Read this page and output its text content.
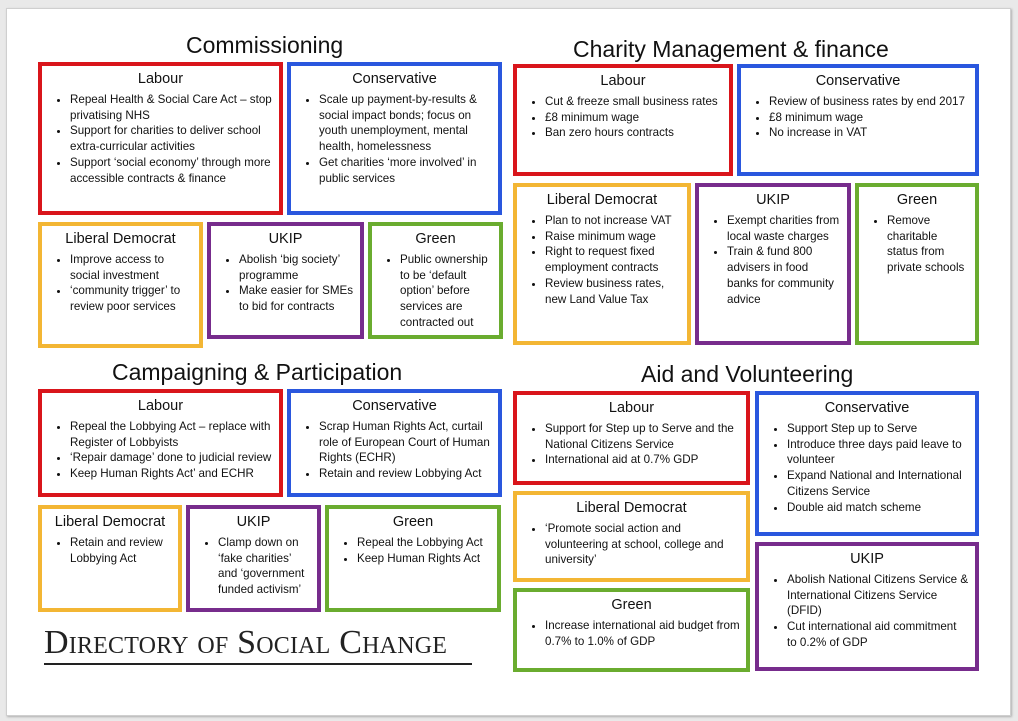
Commissioning	Charity Management & finance
Campaigning & Participation	Aid and Volunteering
Labour
• Repeal Health & Social Care Act – stop privatising NHS
• Support for charities to deliver school extra-curricular activities
• Support ‘social economy’ through more accessible contracts & finance
Conservative
• Scale up payment-by-results & social impact bonds; focus on youth unemployment, mental health, homelessness
• Get charities ‘more involved’ in public services
Liberal Democrat
• Improve access to social investment
• ‘community trigger’ to review poor services
UKIP
• Abolish ‘big society’ programme
• Make easier for SMEs to bid for contracts
Green
• Public ownership to be ‘default option’ before services are contracted out
Labour
• Cut & freeze small business rates
• £8 minimum wage
• Ban zero hours contracts
Conservative
• Review of business rates by end 2017
• £8 minimum wage
• No increase in VAT
Liberal Democrat
• Plan to not increase VAT
• Raise minimum wage
• Right to request fixed employment contracts
• Review business rates, new Land Value Tax
UKIP
• Exempt charities from local waste charges
• Train & fund 800 advisers in food banks for community advice
Green
• Remove charitable status from private schools
Labour
• Repeal the Lobbying Act – replace with Register of Lobbyists
• ‘Repair damage’ done to judicial review
• Keep Human Rights Act’ and ECHR
Conservative
• Scrap Human Rights Act, curtail role of European Court of Human Rights (ECHR)
• Retain and review Lobbying Act
Liberal Democrat
• Retain and review Lobbying Act
UKIP
• Clamp down on ‘fake charities’ and ‘government funded activism’
Green
• Repeal the Lobbying Act
• Keep Human Rights Act
Labour
• Support for Step up to Serve and the National Citizens Service
• International aid at 0.7% GDP
Conservative
• Support Step up to Serve
• Introduce three days paid leave to volunteer
• Expand National and International Citizens Service
• Double aid match scheme
Liberal Democrat
• ‘Promote social action and volunteering at school, college and university’
Green
• Increase international aid budget from 0.7% to 1.0% of GDP
UKIP
• Abolish National Citizens Service & International Citizens Service (DFID)
• Cut international aid commitment to 0.2% of GDP
DIRECTORY OF SOCIAL CHANGE
